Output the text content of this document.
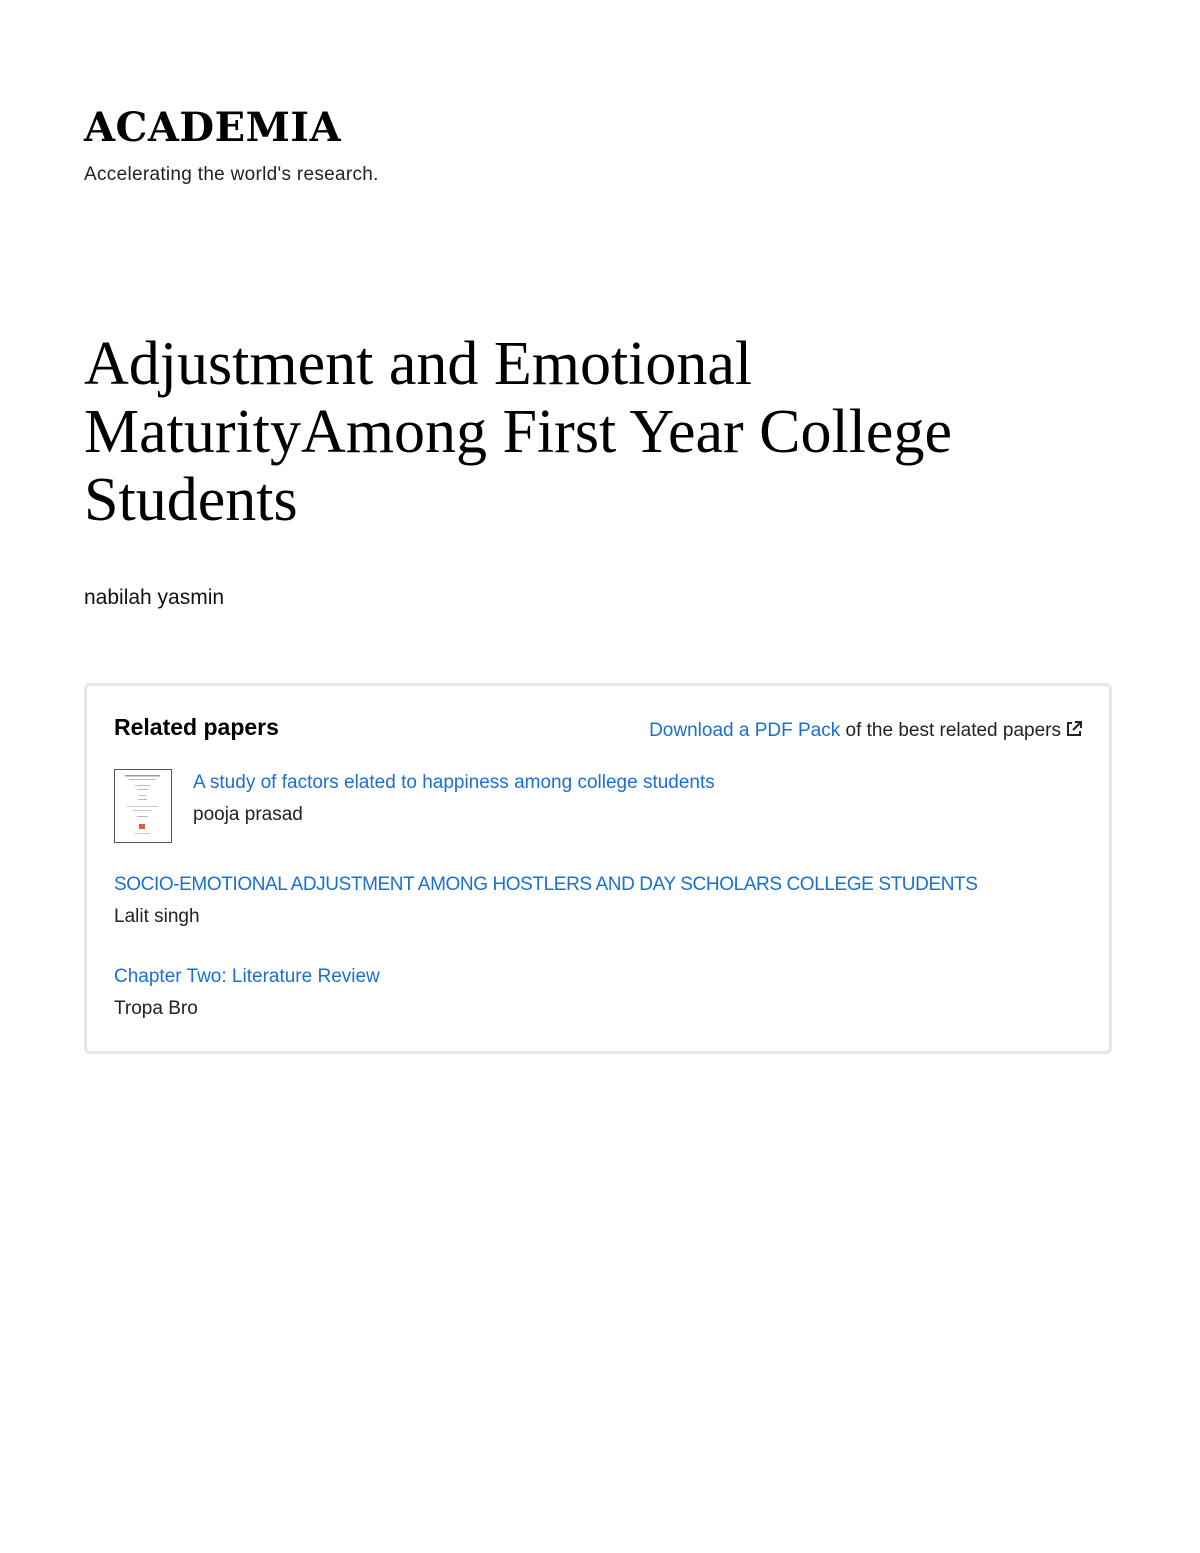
ACADEMIA
Accelerating the world's research.
Adjustment and Emotional MaturityAmong First Year College Students
nabilah yasmin
Related papers	Download a PDF Pack of the best related papers
A study of factors elated to happiness among college students
pooja prasad
SOCIO-EMOTIONAL ADJUSTMENT AMONG HOSTLERS AND DAY SCHOLARS COLLEGE STUDENTS
Lalit singh
Chapter Two: Literature Review
Tropa Bro
